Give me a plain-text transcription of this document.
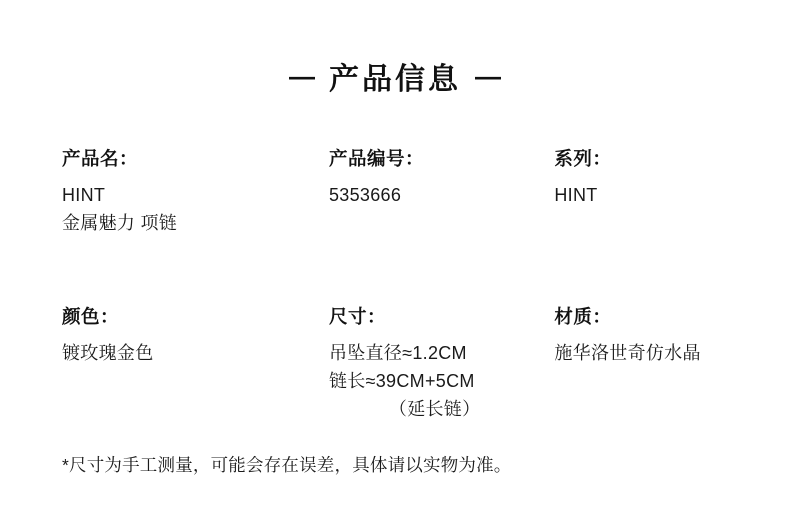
— 产品信息 —
产品名：
HINT
金属魅力 项链
产品编号：
5353666
系列：
HINT
颜色：
镀玫瑰金色
尺寸：
吊坠直径≈1.2CM
链长≈39CM+5CM
（延长链）
材质：
施华洛世奇仿水晶
*尺寸为手工测量，可能会存在误差，具体请以实物为准。
